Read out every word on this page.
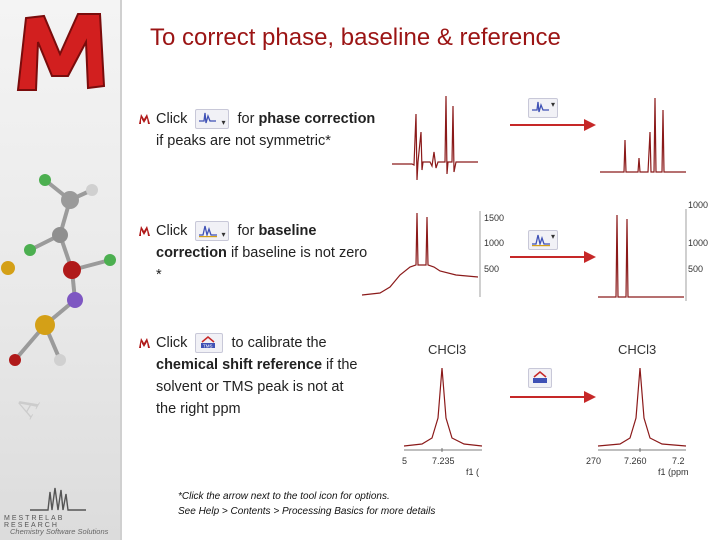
A
MESTRELAB RESEARCH
Chemistry Software Solutions
To correct phase, baseline & reference
Click	▾ for phase correction if peaks are not symmetric*
Click	▾ for baseline correction if baseline is not zero *
Click	TMS to calibrate the chemical shift reference if the solvent or TMS peak is not at the right ppm
▾
1500
1000
500
▾
1000
1000
500
CHCl3
5	7.235
f1 (
CHCl3
270	7.260	7.2
f1 (ppm
*Click the arrow next to the tool icon for options.
See Help > Contents > Processing Basics for more details
